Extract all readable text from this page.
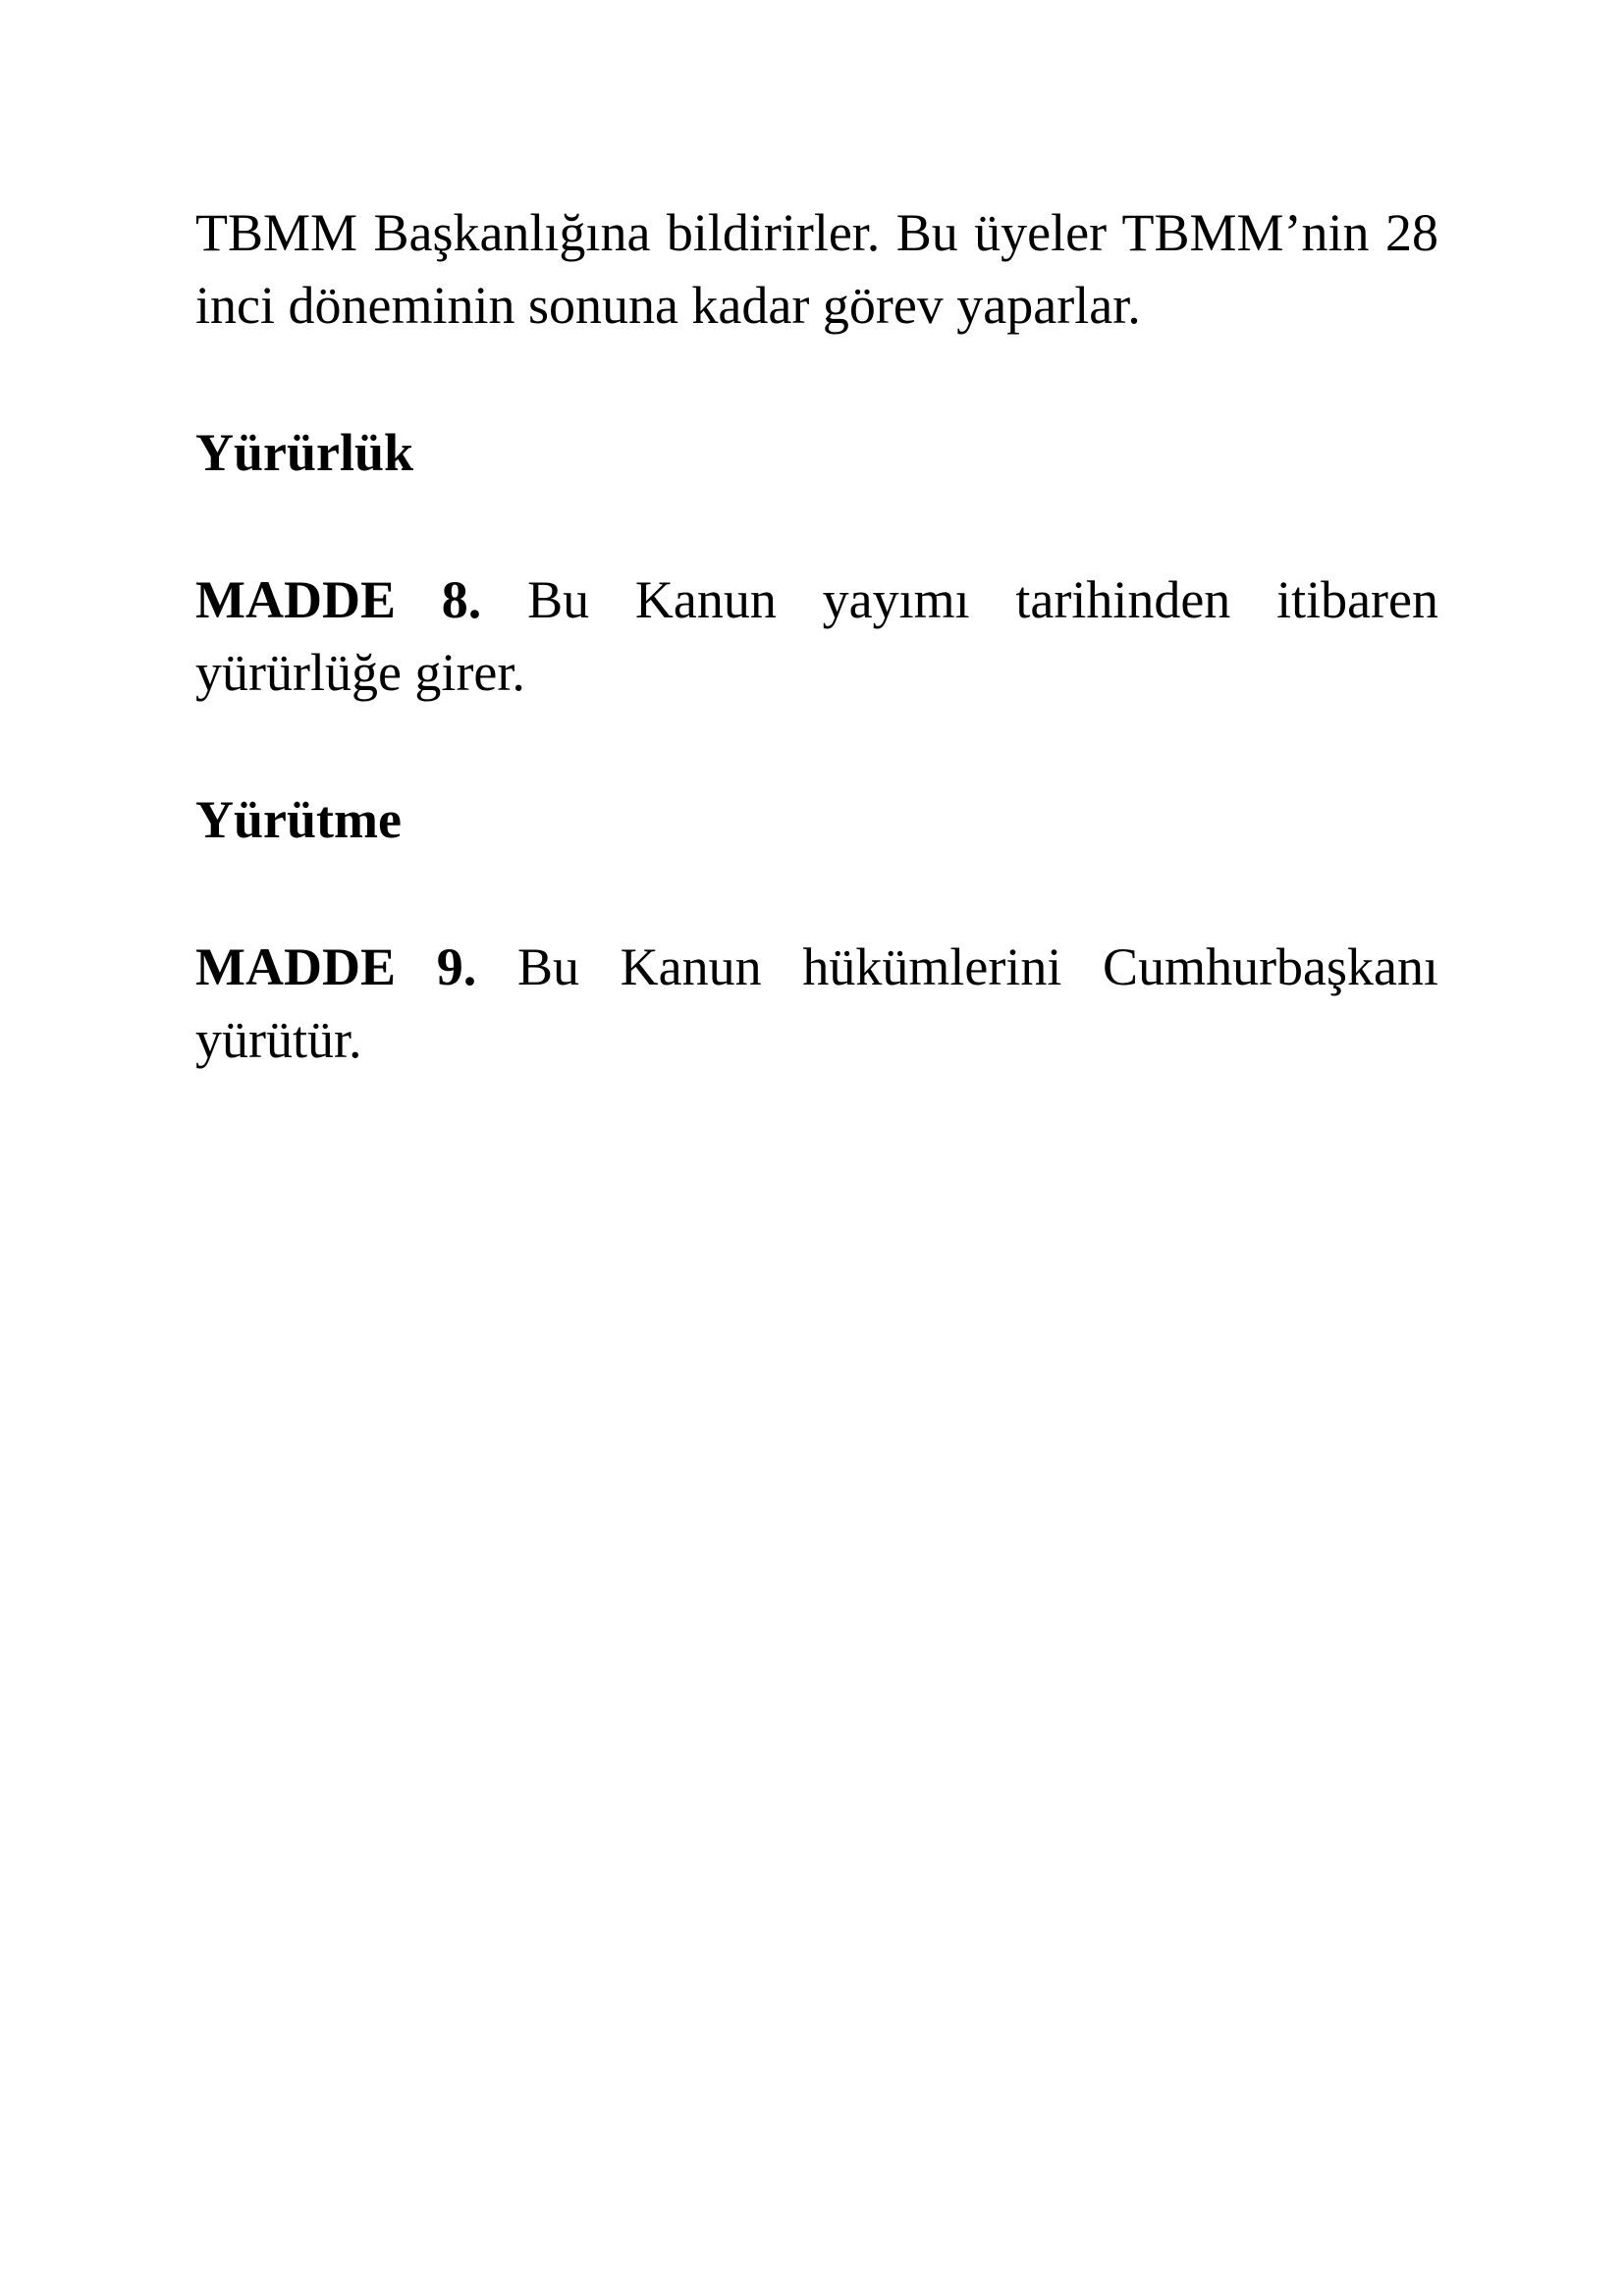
TBMM Başkanlığına bildirirler. Bu üyeler TBMM’nin 28 inci döneminin sonuna kadar görev yaparlar.

Yürürlük

MADDE 8. Bu Kanun yayımı tarihinden itibaren yürürlüğe girer.

Yürütme

MADDE 9. Bu Kanun hükümlerini Cumhurbaşkanı yürütür.
